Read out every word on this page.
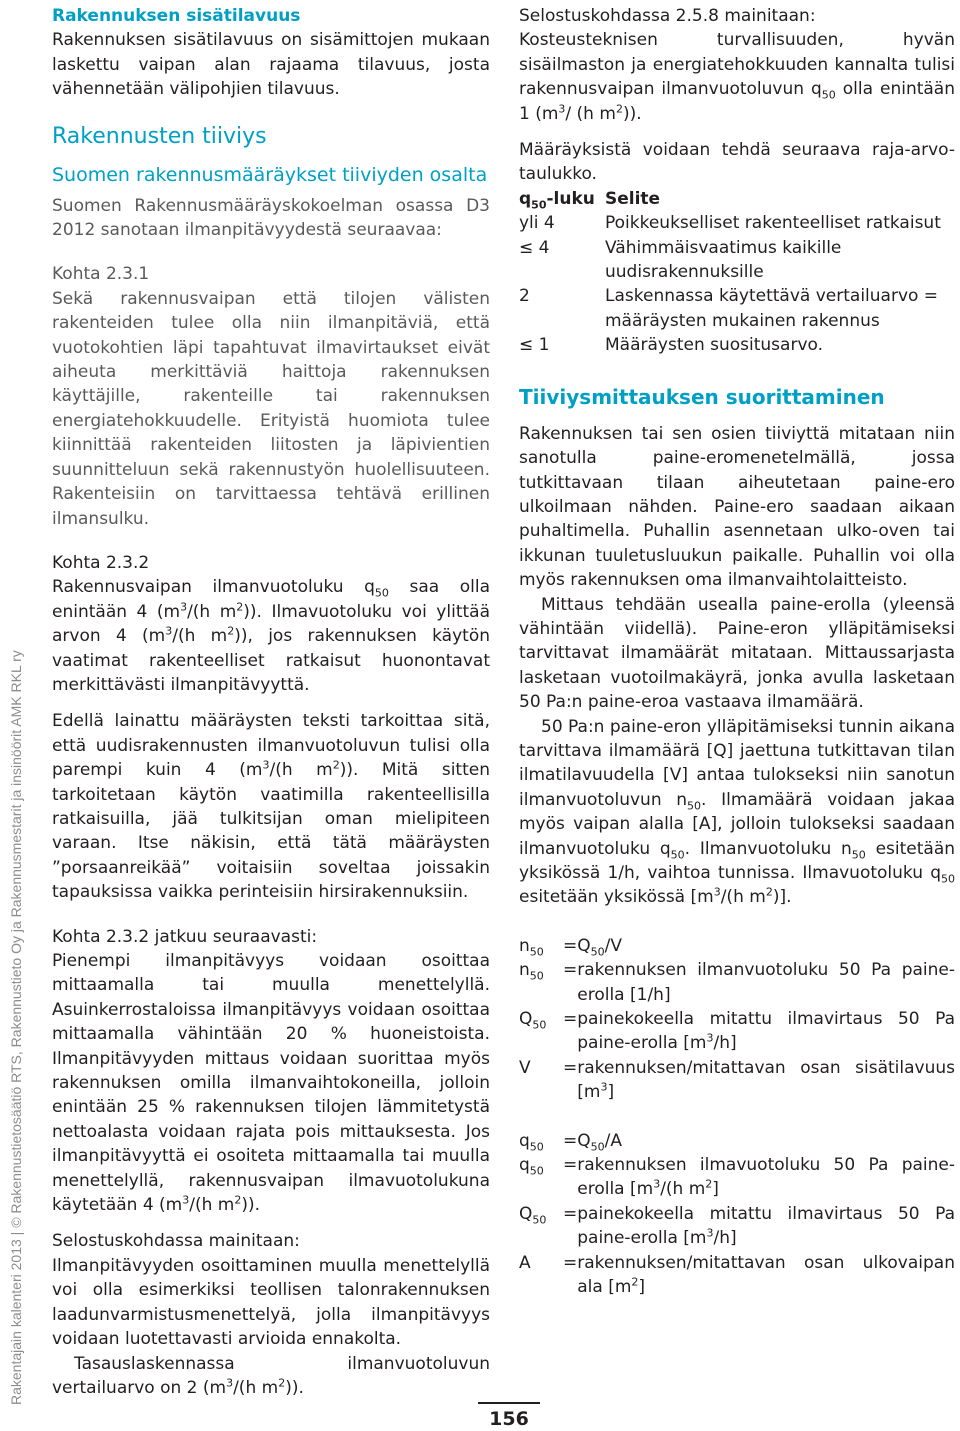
Rakentajain kalenteri 2013 | © Rakennustietosäätiö RTS, Rakennustieto Oy ja Rakennusmestarit ja insinöörit AMK RKL ry

Rakennuksen sisätilavuus

Rakennuksen sisätilavuus on sisämittojen mukaan laskettu vaipan alan rajaama tilavuus, josta vähennetään välipohjien tilavuus.

Rakennusten tiiviys
Suomen rakennusmääräykset tiiviyden osalta

Suomen Rakennusmääräyskokoelman osassa D3 2012 sanotaan ilmanpitävyydestä seuraavaa:

Kohta 2.3.1

Sekä rakennusvaipan että tilojen välisten rakenteiden tulee olla niin ilmanpitäviä, että vuotokohtien läpi tapahtuvat ilmavirtaukset eivät aiheuta merkittäviä haittoja rakennuksen käyttäjille, rakenteille tai rakennuksen energiatehokkuudelle. Erityistä huomiota tulee kiinnittää rakenteiden liitosten ja läpivientien suunnitteluun sekä rakennustyön huolellisuuteen. Rakenteisiin on tarvittaessa tehtävä erillinen ilmansulku.

Kohta 2.3.2

Rakennusvaipan ilmanvuotoluku $q_{50}$ saa olla enintään 4 ($m^3/(h$ $m^2$)). Ilmavuotoluku voi ylittää arvon 4 ($m^3/(h$ $m^2$)), jos rakennuksen käytön vaatimat rakenteelliset ratkaisut huonontavat merkittävästi ilmanpitävyyttä.

Edellä lainattu määräysten teksti tarkoittaa sitä, että uudisrakennusten ilmanvuotoluvun tulisi olla parempi kuin 4 ($m^3/(h$ $m^2$)). Mitä sitten tarkoitetaan käytön vaatimilla rakenteellisilla ratkaisuilla, jää tulkitsijan oman mielipiteen varaan. Itse näkisin, että tätä määräysten ”porsaanreikää” voitaisiin soveltaa joissakin tapauksissa vaikka perinteisiin hirsirakennuksiin.

Kohta 2.3.2 jatkuu seuraavasti:

Pienempi ilmanpitävyys voidaan osoittaa mittaamalla tai muulla menettelyllä. Asuinkerrostaloissa ilmanpitävyys voidaan osoittaa mittaamalla vähintään 20 % huoneistoista. Ilmanpitävyyden mittaus voidaan suorittaa myös rakennuksen omilla ilmanvaihtokoneilla, jolloin enintään 25 % rakennuksen tilojen lämmitetystä nettoalasta voidaan rajata pois mittauksesta. Jos ilmanpitävyyttä ei osoiteta mittaamalla tai muulla menettelyllä, rakennusvaipan ilmavuotolukuna käytetään 4 ($m^3/(h$ $m^2$)).

Selostuskohdassa mainitaan:

Ilmanpitävyyden osoittaminen muulla menettelyllä voi olla esimerkiksi teollisen talonrakennuksen laadunvarmistusmenettelyä, jolla ilmanpitävyys voidaan luotettavasti arvioida ennakolta.

Tasauslaskennassa ilmanvuotoluvun vertailuarvo on 2 ($m^3/(h$ $m^2$)).

Selostuskohdassa 2.5.8 mainitaan:

Kosteusteknisen turvallisuuden, hyvän sisäilmaston ja energiatehokkuuden kannalta tulisi rakennusvaipan ilmanvuotoluvun $q_{50}$ olla enintään 1 ($m^3/$ (h $m^2$)).

Määräyksistä voidaan tehdä seuraava raja-arvo-taulukko.

$q_{50}$-luku	Selite
yli 4	Poikkeukselliset rakenteelliset ratkaisut
≤ 4	Vähimmäisvaatimus kaikille uudisrakennuksille
2	Laskennassa käytettävä vertailuarvo = määräysten mukainen rakennus
≤ 1	Määräysten suositusarvo.
Tiiviysmittauksen suorittaminen

Rakennuksen tai sen osien tiiviyttä mitataan niin sanotulla paine-eromenetelmällä, jossa tutkittavaan tilaan aiheutetaan paine-ero ulkoilmaan nähden. Paine-ero saadaan aikaan puhaltimella. Puhallin asennetaan ulko-oven tai ikkunan tuuletusluukun paikalle. Puhallin voi olla myös rakennuksen oma ilmanvaihtolaitteisto.

Mittaus tehdään usealla paine-erolla (yleensä vähintään viidellä). Paine-eron ylläpitämiseksi tarvittavat ilmamäärät mitataan. Mittaussarjasta lasketaan vuotoilmakäyrä, jonka avulla lasketaan 50 Pa:n paine-eroa vastaava ilmamäärä.

50 Pa:n paine-eron ylläpitämiseksi tunnin aikana tarvittava ilmamäärä [Q] jaettuna tutkittavan tilan ilmatilavuudella [V] antaa tulokseksi niin sanotun ilmanvuotoluvun $n_{50}$. Ilmamäärä voidaan jakaa myös vaipan alalla [A], jolloin tulokseksi saadaan ilmanvuotoluku $q_{50}$. Ilmanvuotoluku $n_{50}$ esitetään yksikössä 1/h, vaihtoa tunnissa. Ilmavuotoluku $q_{50}$ esitetään yksikössä [$m^3/(h$ $m^2$)].

$n_{50}$	=	$Q_{50}/V$
$n_{50}$	=	rakennuksen ilmanvuotoluku 50 Pa paine-erolla [1/h]
$Q_{50}$	=	painekokeella mitattu ilmavirtaus 50 Pa paine-erolla $[m^3/h]$
V	=	rakennuksen/mitattavan osan sisätilavuus $[m^3]$
$q_{50}$	=	$Q_{50}/A$
$q_{50}$	=	rakennuksen ilmavuotoluku 50 Pa paine-erolla [$m^3/(h$ $m^2$]
$Q_{50}$	=	painekokeella mitattu ilmavirtaus 50 Pa paine-erolla $[m^3/h]$
A	=	rakennuksen/mitattavan osan ulkovaipan ala $[m^2]$
156
